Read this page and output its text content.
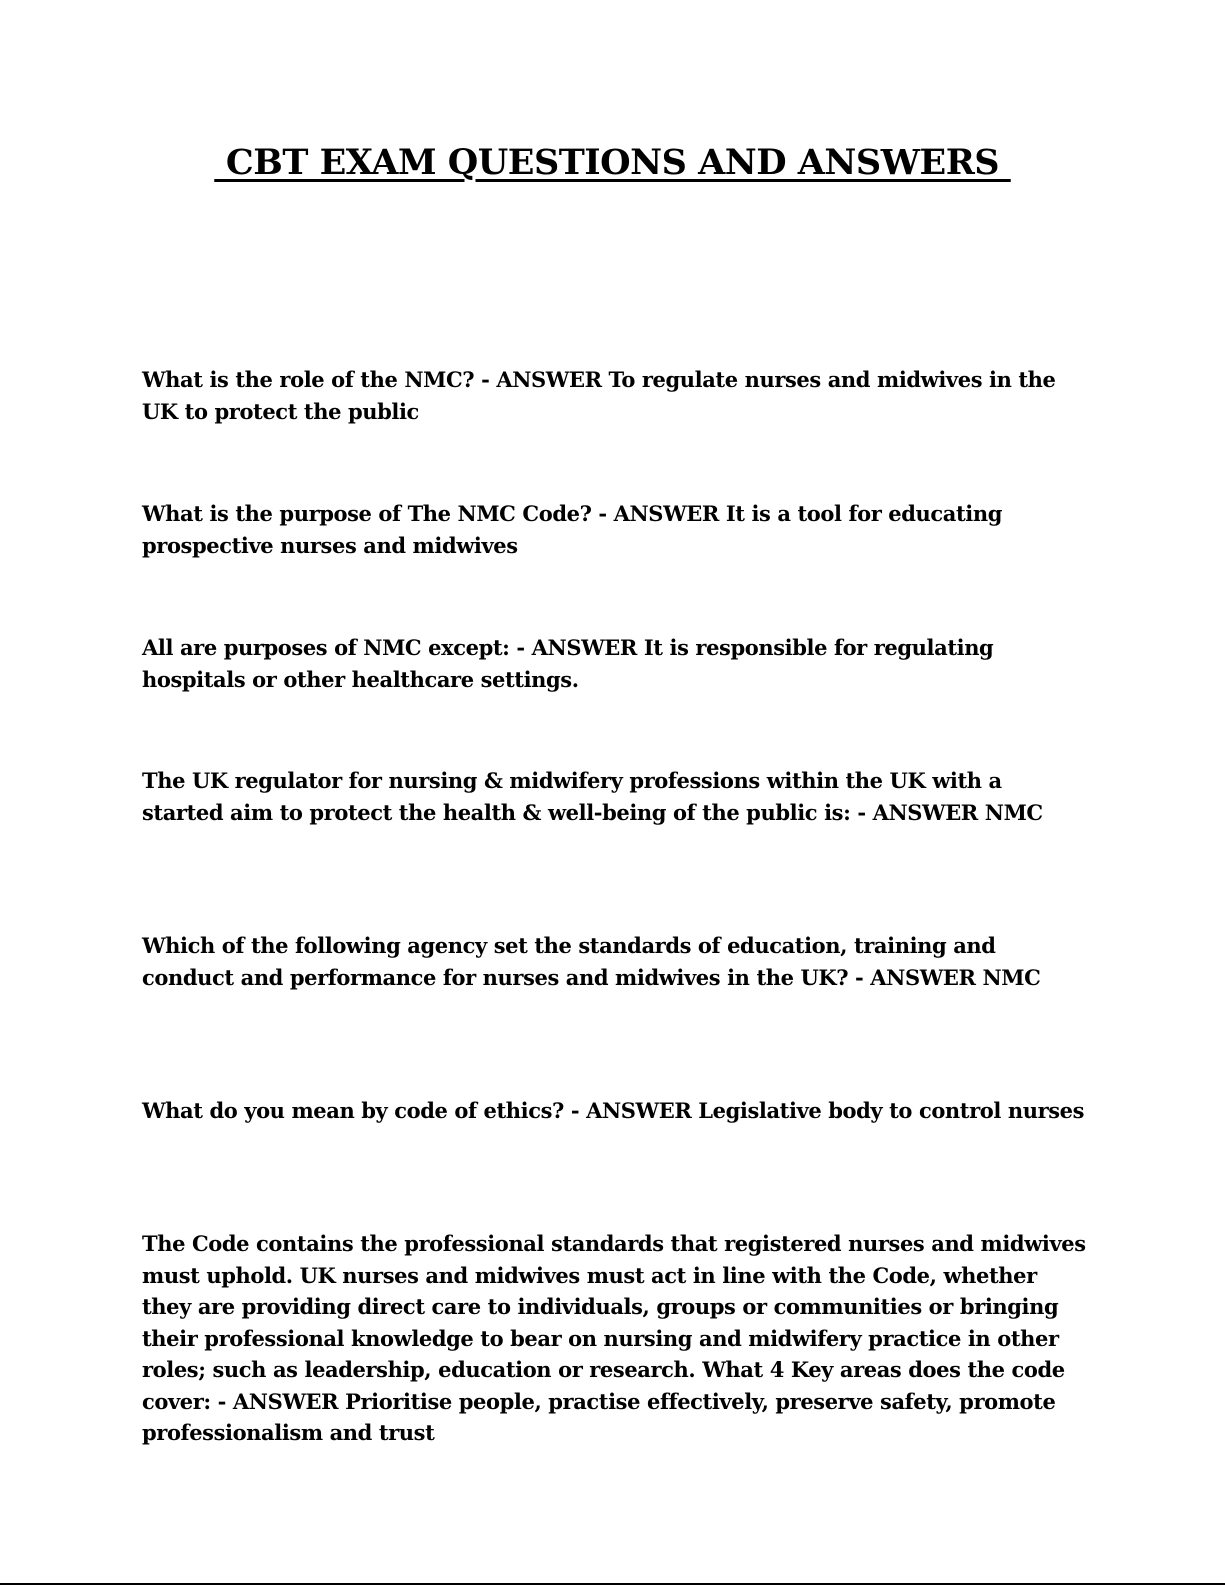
CBT EXAM QUESTIONS AND ANSWERS

What is the role of the NMC? - ANSWER To regulate nurses and midwives in the UK to protect the public

What is the purpose of The NMC Code? - ANSWER It is a tool for educating prospective nurses and midwives

All are purposes of NMC except: - ANSWER It is responsible for regulating hospitals or other healthcare settings.

The UK regulator for nursing & midwifery professions within the UK with a started aim to protect the health & well-being of the public is: - ANSWER NMC

Which of the following agency set the standards of education, training and conduct and performance for nurses and midwives in the UK? - ANSWER NMC

What do you mean by code of ethics? - ANSWER Legislative body to control nurses

The Code contains the professional standards that registered nurses and midwives must uphold. UK nurses and midwives must act in line with the Code, whether they are providing direct care to individuals, groups or communities or bringing their professional knowledge to bear on nursing and midwifery practice in other roles; such as leadership, education or research. What 4 Key areas does the code cover: - ANSWER Prioritise people, practise effectively, preserve safety, promote professionalism and trust
